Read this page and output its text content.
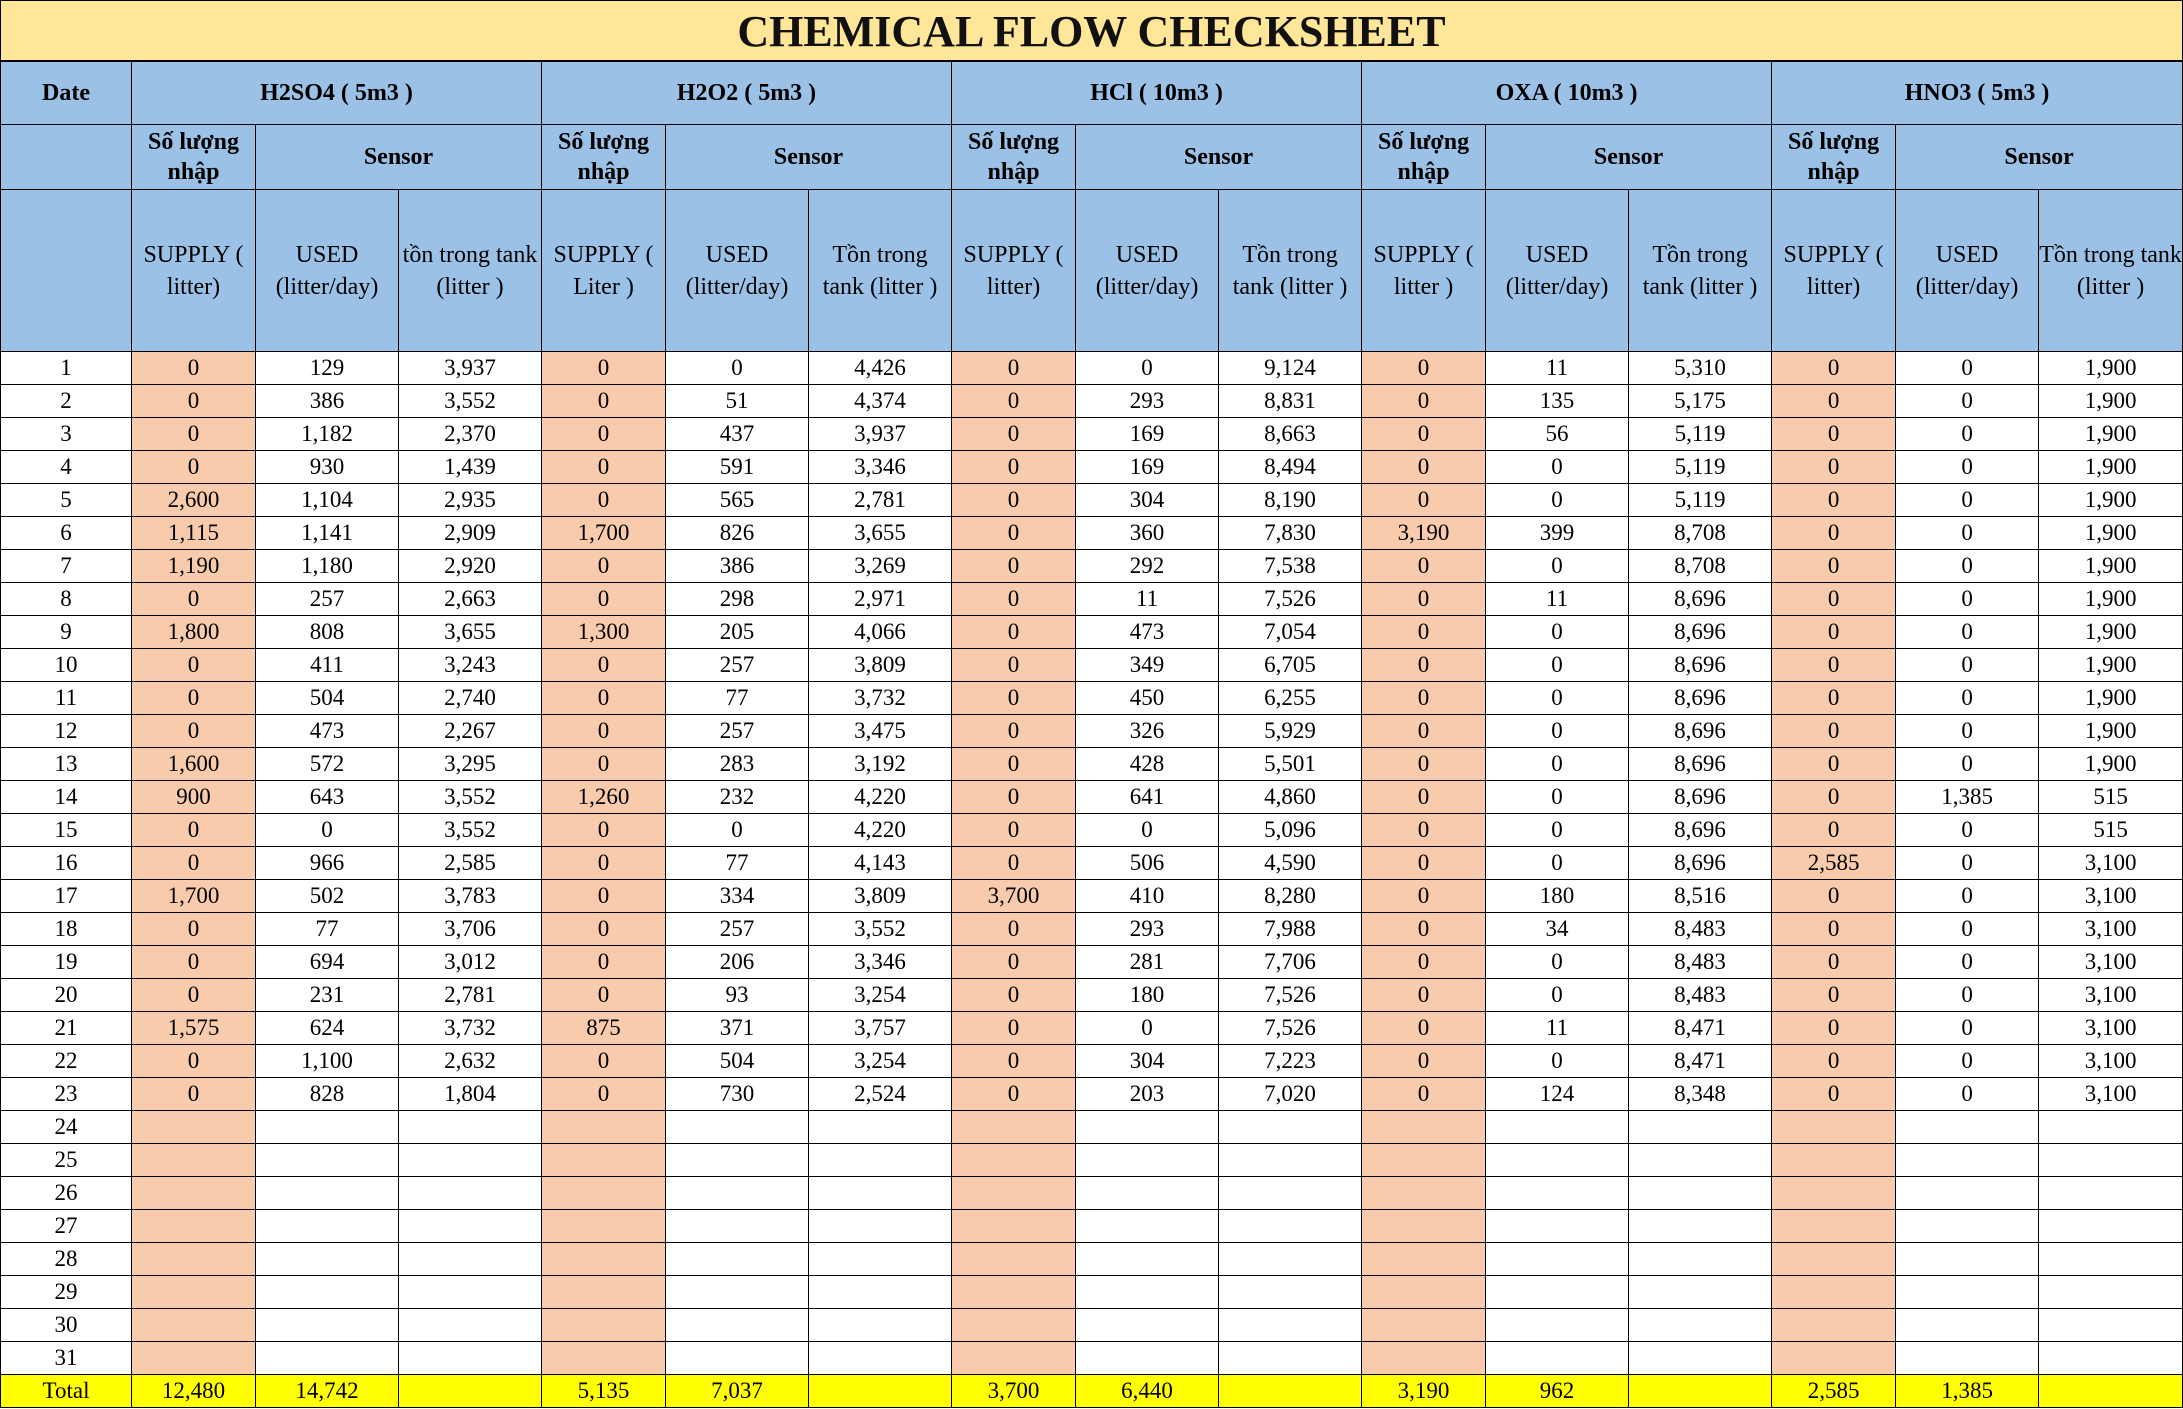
CHEMICAL FLOW CHECKSHEET
Date	H2SO4 ( 5m3 )			H2O2 ( 5m3 )			HCl ( 10m3 )			OXA ( 10m3 )			HNO3 ( 5m3 )		
	Số lượng nhập	Sensor		Số lượng nhập	Sensor		Số lượng nhập	Sensor		Số lượng nhập	Sensor		Số lượng nhập	Sensor	
	SUPPLY ( litter)	USED (litter/day)	tồn trong tank (litter )	SUPPLY ( Liter )	USED (litter/day)	Tồn trong tank (litter )	SUPPLY ( litter)	USED (litter/day)	Tồn trong tank (litter )	SUPPLY ( litter )	USED (litter/day)	Tồn trong tank (litter )	SUPPLY ( litter)	USED (litter/day)	Tồn trong tank (litter )
1	0	129	3,937	0	0	4,426	0	0	9,124	0	11	5,310	0	0	1,900
2	0	386	3,552	0	51	4,374	0	293	8,831	0	135	5,175	0	0	1,900
3	0	1,182	2,370	0	437	3,937	0	169	8,663	0	56	5,119	0	0	1,900
4	0	930	1,439	0	591	3,346	0	169	8,494	0	0	5,119	0	0	1,900
5	2,600	1,104	2,935	0	565	2,781	0	304	8,190	0	0	5,119	0	0	1,900
6	1,115	1,141	2,909	1,700	826	3,655	0	360	7,830	3,190	399	8,708	0	0	1,900
7	1,190	1,180	2,920	0	386	3,269	0	292	7,538	0	0	8,708	0	0	1,900
8	0	257	2,663	0	298	2,971	0	11	7,526	0	11	8,696	0	0	1,900
9	1,800	808	3,655	1,300	205	4,066	0	473	7,054	0	0	8,696	0	0	1,900
10	0	411	3,243	0	257	3,809	0	349	6,705	0	0	8,696	0	0	1,900
11	0	504	2,740	0	77	3,732	0	450	6,255	0	0	8,696	0	0	1,900
12	0	473	2,267	0	257	3,475	0	326	5,929	0	0	8,696	0	0	1,900
13	1,600	572	3,295	0	283	3,192	0	428	5,501	0	0	8,696	0	0	1,900
14	900	643	3,552	1,260	232	4,220	0	641	4,860	0	0	8,696	0	1,385	515
15	0	0	3,552	0	0	4,220	0	0	5,096	0	0	8,696	0	0	515
16	0	966	2,585	0	77	4,143	0	506	4,590	0	0	8,696	2,585	0	3,100
17	1,700	502	3,783	0	334	3,809	3,700	410	8,280	0	180	8,516	0	0	3,100
18	0	77	3,706	0	257	3,552	0	293	7,988	0	34	8,483	0	0	3,100
19	0	694	3,012	0	206	3,346	0	281	7,706	0	0	8,483	0	0	3,100
20	0	231	2,781	0	93	3,254	0	180	7,526	0	0	8,483	0	0	3,100
21	1,575	624	3,732	875	371	3,757	0	0	7,526	0	11	8,471	0	0	3,100
22	0	1,100	2,632	0	504	3,254	0	304	7,223	0	0	8,471	0	0	3,100
23	0	828	1,804	0	730	2,524	0	203	7,020	0	124	8,348	0	0	3,100
24															
25															
26															
27															
28															
29															
30															
31															
Total	12,480	14,742		5,135	7,037		3,700	6,440		3,190	962		2,585	1,385	
